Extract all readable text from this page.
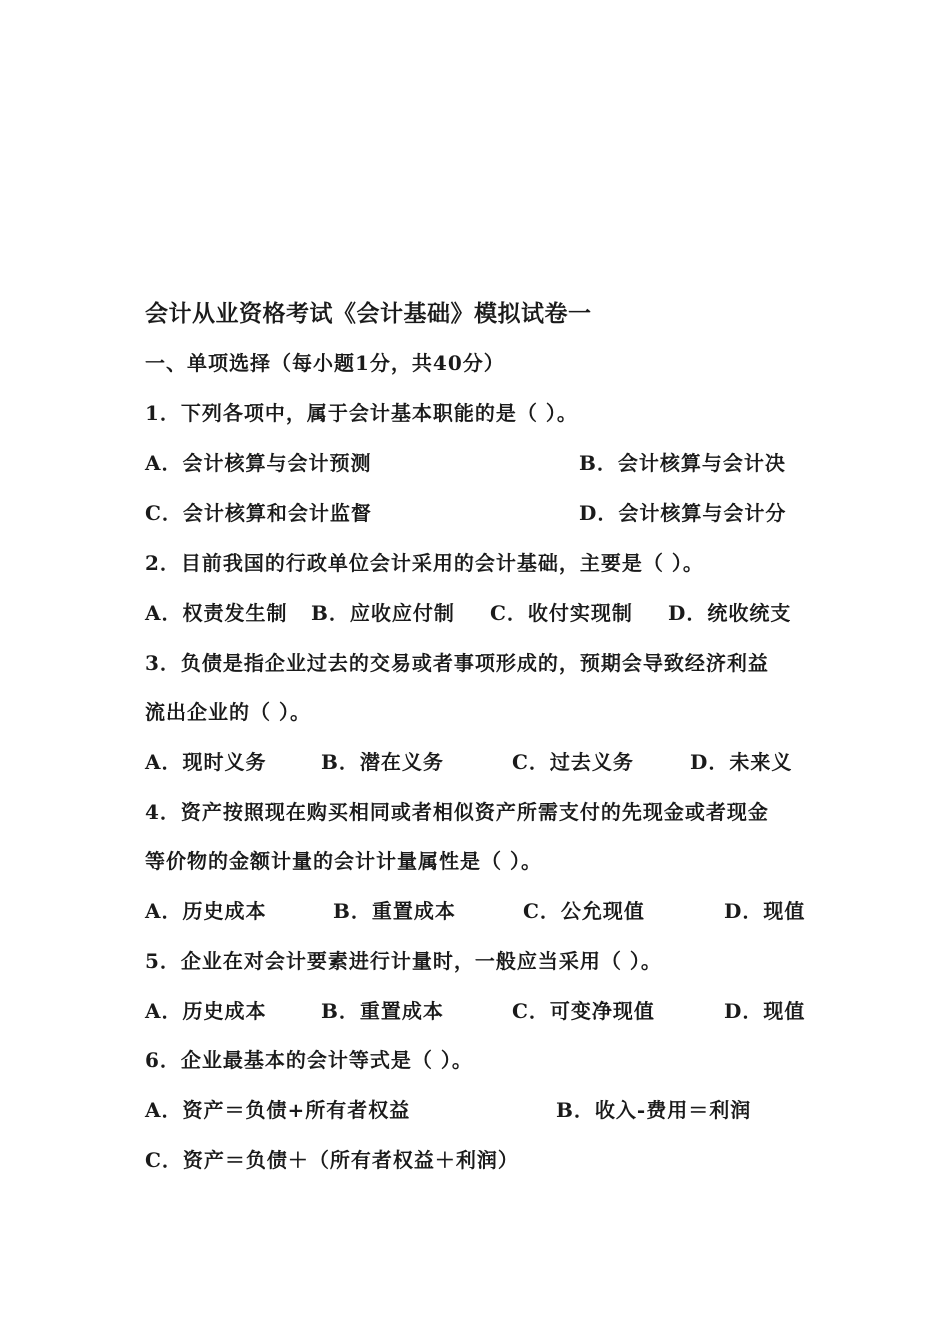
会计从业资格考试《会计基础》模拟试卷一
一、单项选择（每小题1分，共40分）
1．下列各项中，属于会计基本职能的是（ ）。
A．会计核算与会计预测	B．会计核算与会计决
C．会计核算和会计监督	D．会计核算与会计分
2．目前我国的行政单位会计采用的会计基础，主要是（ ）。
A．权责发生制 B．应收应付制 C．收付实现制 D．统收统支
3．负债是指企业过去的交易或者事项形成的，预期会导致经济利益
流出企业的（ ）。
A．现时义务	B．潜在义务	C．过去义务	D．未来义
4．资产按照现在购买相同或者相似资产所需支付的先现金或者现金
等价物的金额计量的会计计量属性是（ ）。
A．历史成本	B．重置成本	C．公允现值	D．现值
5．企业在对会计要素进行计量时，一般应当采用（ ）。
A．历史成本	B．重置成本	C．可变净现值	D．现值
6．企业最基本的会计等式是（ ）。
A．资产＝负债+所有者权益	B．收入-费用＝利润
C．资产＝负债＋（所有者权益＋利润）
